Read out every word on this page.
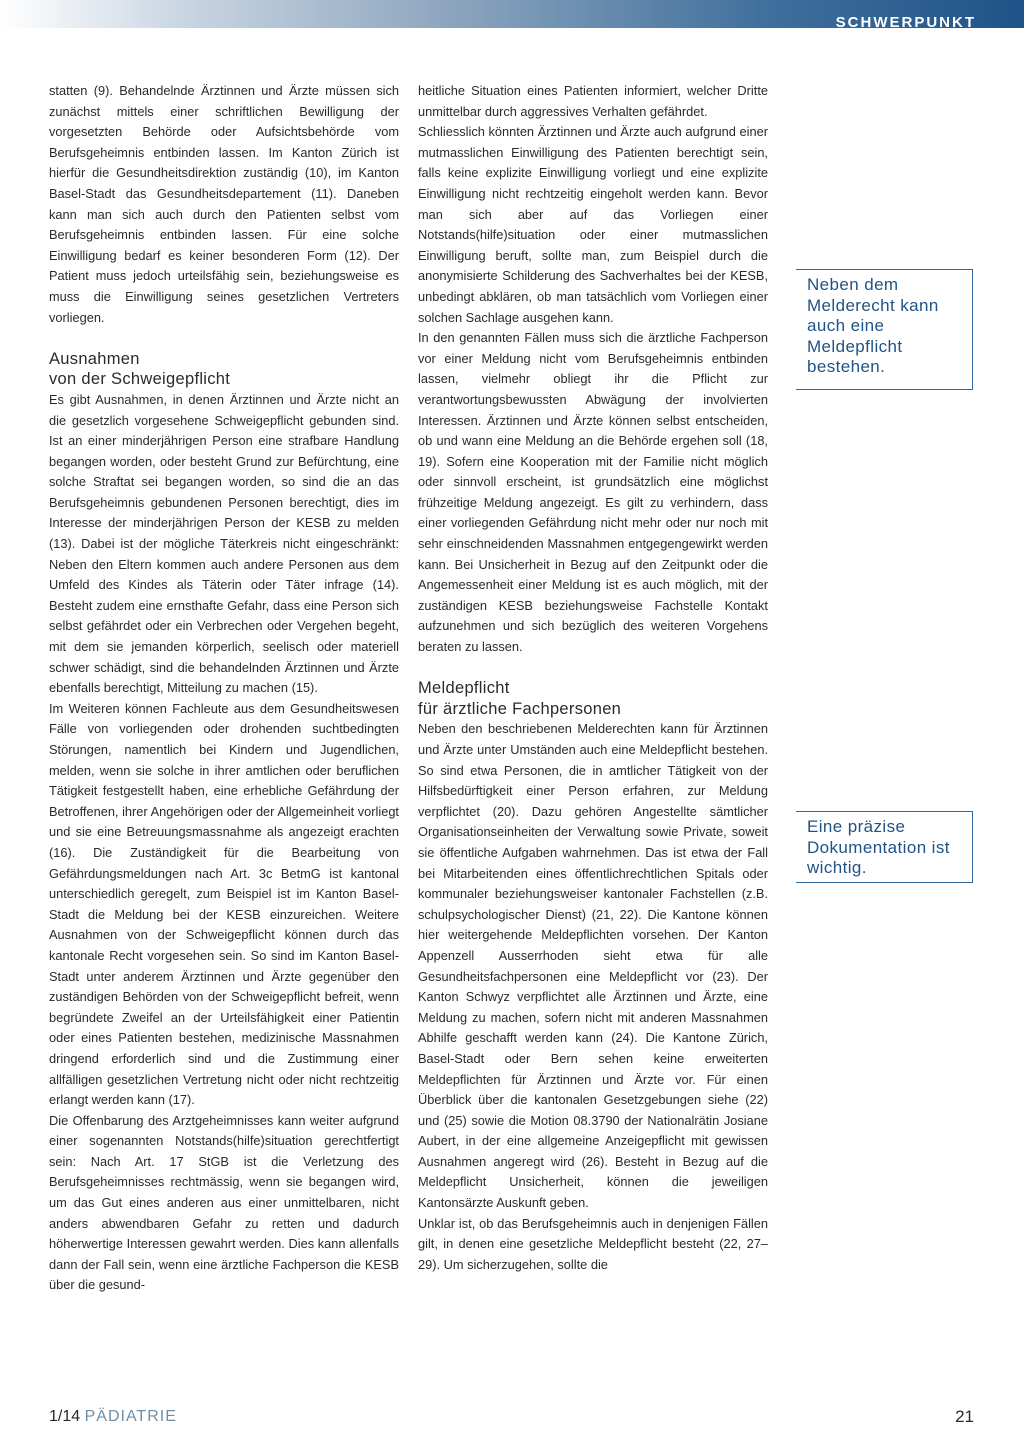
SCHWERPUNKT

statten (9). Behandelnde Ärztinnen und Ärzte müssen sich zunächst mittels einer schriftlichen Bewilligung der vorgesetzten Behörde oder Aufsichtsbehörde vom Berufsgeheimnis entbinden lassen. Im Kanton Zürich ist hierfür die Gesundheitsdirektion zuständig (10), im Kanton Basel-Stadt das Gesundheitsdepartement (11). Daneben kann man sich auch durch den Patienten selbst vom Berufsgeheimnis entbinden lassen. Für eine solche Einwilligung bedarf es keiner besonderen Form (12). Der Patient muss jedoch urteilsfähig sein, beziehungsweise es muss die Einwilligung seines gesetzlichen Vertreters vorliegen.

Ausnahmen
von der Schweigepflicht

Es gibt Ausnahmen, in denen Ärztinnen und Ärzte nicht an die gesetzlich vorgesehene Schweigepflicht gebunden sind. Ist an einer minderjährigen Person eine strafbare Handlung begangen worden, oder besteht Grund zur Befürchtung, eine solche Straftat sei begangen worden, so sind die an das Berufsgeheimnis gebundenen Personen berechtigt, dies im Interesse der minderjährigen Person der KESB zu melden (13). Dabei ist der mögliche Täterkreis nicht eingeschränkt: Neben den Eltern kommen auch andere Personen aus dem Umfeld des Kindes als Täterin oder Täter infrage (14). Besteht zudem eine ernsthafte Gefahr, dass eine Person sich selbst gefährdet oder ein Verbrechen oder Vergehen begeht, mit dem sie jemanden körperlich, seelisch oder materiell schwer schädigt, sind die behandelnden Ärztinnen und Ärzte ebenfalls berechtigt, Mitteilung zu machen (15).

Im Weiteren können Fachleute aus dem Gesundheitswesen Fälle von vorliegenden oder drohenden suchtbedingten Störungen, namentlich bei Kindern und Jugendlichen, melden, wenn sie solche in ihrer amtlichen oder beruflichen Tätigkeit festgestellt haben, eine erhebliche Gefährdung der Betroffenen, ihrer Angehörigen oder der Allgemeinheit vorliegt und sie eine Betreuungsmassnahme als angezeigt erachten (16). Die Zuständigkeit für die Bearbeitung von Gefährdungsmeldungen nach Art. 3c BetmG ist kantonal unterschiedlich geregelt, zum Beispiel ist im Kanton Basel-Stadt die Meldung bei der KESB einzureichen. Weitere Ausnahmen von der Schweigepflicht können durch das kantonale Recht vorgesehen sein. So sind im Kanton Basel-Stadt unter anderem Ärztinnen und Ärzte gegenüber den zuständigen Behörden von der Schweigepflicht befreit, wenn begründete Zweifel an der Urteilsfähigkeit einer Patientin oder eines Patienten bestehen, medizinische Massnahmen dringend erforderlich sind und die Zustimmung einer allfälligen gesetzlichen Vertretung nicht oder nicht rechtzeitig erlangt werden kann (17).

Die Offenbarung des Arztgeheimnisses kann weiter aufgrund einer sogenannten Notstands(hilfe)situation gerechtfertigt sein: Nach Art. 17 StGB ist die Verletzung des Berufsgeheimnisses rechtmässig, wenn sie begangen wird, um das Gut eines anderen aus einer unmittelbaren, nicht anders abwendbaren Gefahr zu retten und dadurch höherwertige Interessen gewahrt werden. Dies kann allenfalls dann der Fall sein, wenn eine ärztliche Fachperson die KESB über die gesund-

heitliche Situation eines Patienten informiert, welcher Dritte unmittelbar durch aggressives Verhalten gefährdet.

Schliesslich könnten Ärztinnen und Ärzte auch aufgrund einer mutmasslichen Einwilligung des Patienten berechtigt sein, falls keine explizite Einwilligung vorliegt und eine explizite Einwilligung nicht rechtzeitig eingeholt werden kann. Bevor man sich aber auf das Vorliegen einer Notstands(hilfe)situation oder einer mutmasslichen Einwilligung beruft, sollte man, zum Beispiel durch die anonymisierte Schilderung des Sachverhaltes bei der KESB, unbedingt abklären, ob man tatsächlich vom Vorliegen einer solchen Sachlage ausgehen kann.

In den genannten Fällen muss sich die ärztliche Fachperson vor einer Meldung nicht vom Berufsgeheimnis entbinden lassen, vielmehr obliegt ihr die Pflicht zur verantwortungsbewussten Abwägung der involvierten Interessen. Ärztinnen und Ärzte können selbst entscheiden, ob und wann eine Meldung an die Behörde ergehen soll (18, 19). Sofern eine Kooperation mit der Familie nicht möglich oder sinnvoll erscheint, ist grundsätzlich eine möglichst frühzeitige Meldung angezeigt. Es gilt zu verhindern, dass einer vorliegenden Gefährdung nicht mehr oder nur noch mit sehr einschneidenden Massnahmen entgegengewirkt werden kann. Bei Unsicherheit in Bezug auf den Zeitpunkt oder die Angemessenheit einer Meldung ist es auch möglich, mit der zuständigen KESB beziehungsweise Fachstelle Kontakt aufzunehmen und sich bezüglich des weiteren Vorgehens beraten zu lassen.

Meldepflicht
für ärztliche Fachpersonen

Neben den beschriebenen Melderechten kann für Ärztinnen und Ärzte unter Umständen auch eine Meldepflicht bestehen. So sind etwa Personen, die in amtlicher Tätigkeit von der Hilfsbedürftigkeit einer Person erfahren, zur Meldung verpflichtet (20). Dazu gehören Angestellte sämtlicher Organisationseinheiten der Verwaltung sowie Private, soweit sie öffentliche Aufgaben wahrnehmen. Das ist etwa der Fall bei Mitarbeitenden eines öffentlichrechtlichen Spitals oder kommunaler beziehungsweiser kantonaler Fachstellen (z.B. schulpsychologischer Dienst) (21, 22). Die Kantone können hier weitergehende Meldepflichten vorsehen. Der Kanton Appenzell Ausserrhoden sieht etwa für alle Gesundheitsfachpersonen eine Meldepflicht vor (23). Der Kanton Schwyz verpflichtet alle Ärztinnen und Ärzte, eine Meldung zu machen, sofern nicht mit anderen Massnahmen Abhilfe geschafft werden kann (24). Die Kantone Zürich, Basel-Stadt oder Bern sehen keine erweiterten Meldepflichten für Ärztinnen und Ärzte vor. Für einen Überblick über die kantonalen Gesetzgebungen siehe (22) und (25) sowie die Motion 08.3790 der Nationalrätin Josiane Aubert, in der eine allgemeine Anzeigepflicht mit gewissen Ausnahmen angeregt wird (26). Besteht in Bezug auf die Meldepflicht Unsicherheit, können die jeweiligen Kantonsärzte Auskunft geben.

Unklar ist, ob das Berufsgeheimnis auch in denjenigen Fällen gilt, in denen eine gesetzliche Meldepflicht besteht (22, 27–29). Um sicherzugehen, sollte die

Neben dem Melderecht kann auch eine Meldepflicht bestehen.
Eine präzise Dokumentation ist wichtig.
1/14 PÄDIATRIE	21
